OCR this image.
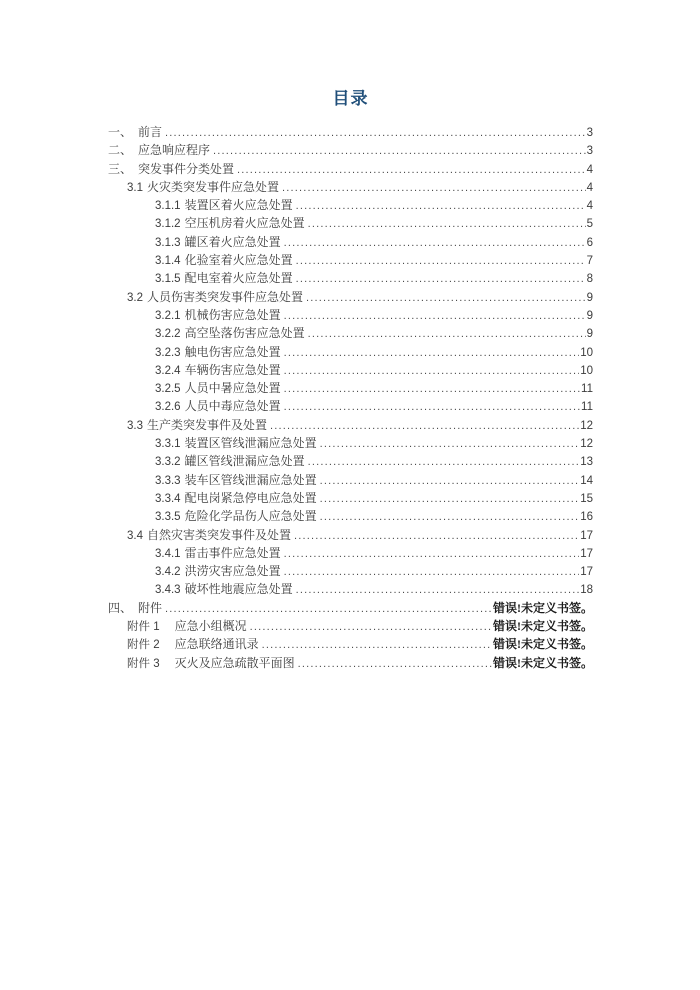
目录
一、 前言 .....	3
二、 应急响应程序 .....	3
三、 突发事件分类处置 .....	4
3.1 火灾类突发事件应急处置 .....	4
3.1.1 装置区着火应急处置 .....	4
3.1.2 空压机房着火应急处置 .....	5
3.1.3 罐区着火应急处置 .....	6
3.1.4 化验室着火应急处置 .....	7
3.1.5 配电室着火应急处置 .....	8
3.2 人员伤害类突发事件应急处置 .....	9
3.2.1 机械伤害应急处置 .....	9
3.2.2 高空坠落伤害应急处置 .....	9
3.2.3 触电伤害应急处置 .....	10
3.2.4 车辆伤害应急处置 .....	10
3.2.5 人员中暑应急处置 .....	11
3.2.6 人员中毒应急处置 .....	11
3.3 生产类突发事件及处置 .....	12
3.3.1 装置区管线泄漏应急处置 .....	12
3.3.2 罐区管线泄漏应急处置 .....	13
3.3.3 装车区管线泄漏应急处置 .....	14
3.3.4 配电岗紧急停电应急处置 .....	15
3.3.5 危险化学品伤人应急处置 .....	16
3.4 自然灾害类突发事件及处置 .....	17
3.4.1 雷击事件应急处置 .....	17
3.4.2 洪涝灾害应急处置 .....	17
3.4.3 破坏性地震应急处置 .....	18
四、 附件 .....	错误!未定义书签。
附件 1 应急小组概况 .....	错误!未定义书签。
附件 2 应急联络通讯录 .....	错误!未定义书签。
附件 3 灭火及应急疏散平面图 .....	错误!未定义书签。
